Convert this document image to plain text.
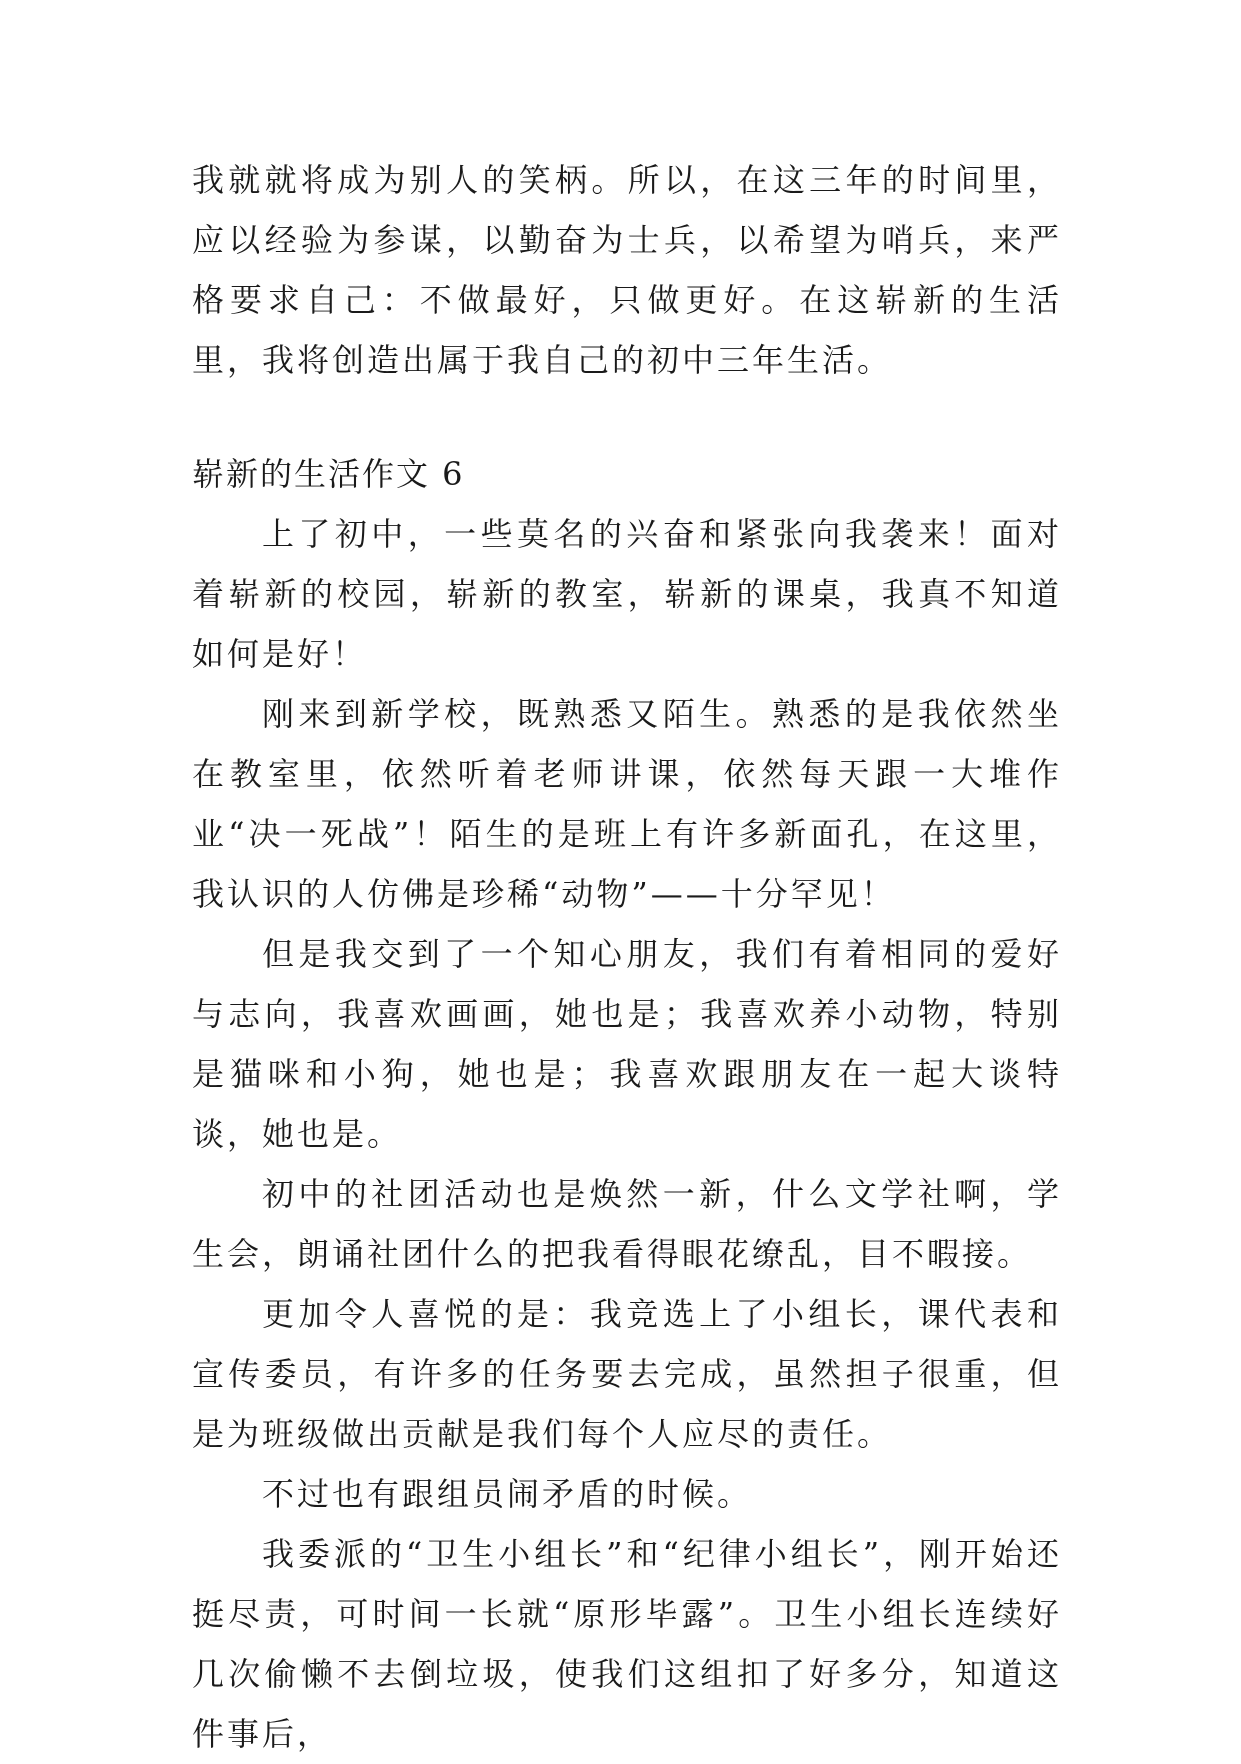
我就就将成为别人的笑柄。所以，在这三年的时间里，应以经验为参谋，以勤奋为士兵，以希望为哨兵，来严格要求自己：不做最好，只做更好。在这崭新的生活里，我将创造出属于我自己的初中三年生活。

崭新的生活作文 6

上了初中，一些莫名的兴奋和紧张向我袭来！面对着崭新的校园，崭新的教室，崭新的课桌，我真不知道如何是好！

刚来到新学校，既熟悉又陌生。熟悉的是我依然坐在教室里，依然听着老师讲课，依然每天跟一大堆作业“决一死战”！陌生的是班上有许多新面孔，在这里，我认识的人仿佛是珍稀“动物”——十分罕见！

但是我交到了一个知心朋友，我们有着相同的爱好与志向，我喜欢画画，她也是；我喜欢养小动物，特别是猫咪和小狗，她也是；我喜欢跟朋友在一起大谈特谈，她也是。

初中的社团活动也是焕然一新，什么文学社啊，学生会，朗诵社团什么的把我看得眼花缭乱，目不暇接。

更加令人喜悦的是：我竞选上了小组长，课代表和宣传委员，有许多的任务要去完成，虽然担子很重，但是为班级做出贡献是我们每个人应尽的责任。

不过也有跟组员闹矛盾的时候。

我委派的“卫生小组长”和“纪律小组长”，刚开始还挺尽责，可时间一长就“原形毕露”。卫生小组长连续好几次偷懒不去倒垃圾，使我们这组扣了好多分，知道这件事后，
